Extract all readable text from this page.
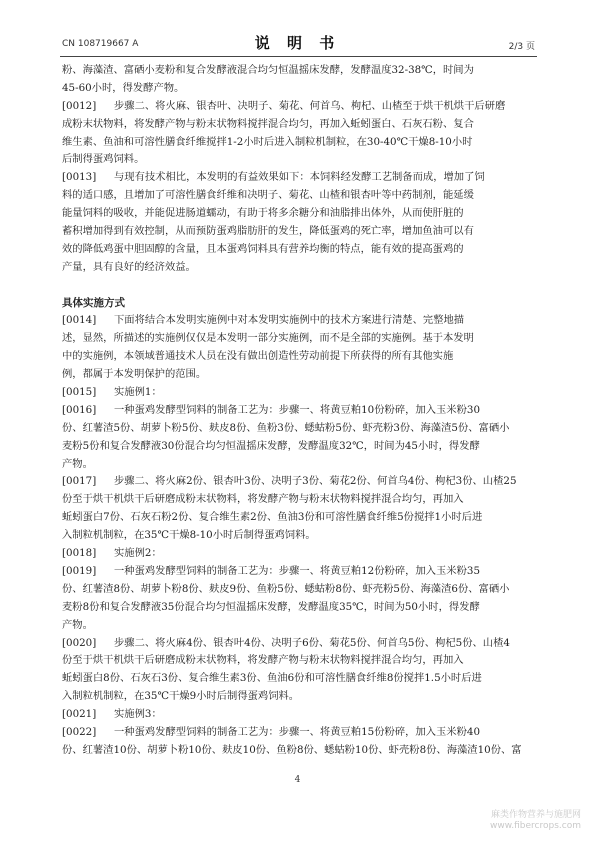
CN 108719667 A	说 明 书	2/3 页
粉、海藻渣、富硒小麦粉和复合发酵液混合均匀恒温摇床发酵，发酵温度32-38℃，时间为
45-60小时，得发酵产物。
[0012] 步骤二、将火麻、银杏叶、决明子、菊花、何首乌、枸杞、山楂至于烘干机烘干后研磨
成粉末状物料，将发酵产物与粉末状物料搅拌混合均匀，再加入蚯蚓蛋白、石灰石粉、复合
维生素、鱼油和可溶性膳食纤维搅拌1-2小时后进入制粒机制粒，在30-40℃干燥8-10小时
后制得蛋鸡饲料。
[0013] 与现有技术相比，本发明的有益效果如下：本饲料经发酵工艺制备而成，增加了饲
料的适口感，且增加了可溶性膳食纤维和决明子、菊花、山楂和银杏叶等中药制剂，能延缓
能量饲料的吸收，并能促进肠道蠕动，有助于将多余糖分和油脂排出体外，从而使肝脏的
蓄积增加得到有效控制，从而预防蛋鸡脂肪肝的发生，降低蛋鸡的死亡率，增加鱼油可以有
效的降低鸡蛋中胆固醇的含量，且本蛋鸡饲料具有营养均衡的特点，能有效的提高蛋鸡的
产量，具有良好的经济效益。
具体实施方式
[0014] 下面将结合本发明实施例中对本发明实施例中的技术方案进行清楚、完整地描
述，显然，所描述的实施例仅仅是本发明一部分实施例，而不是全部的实施例。基于本发明
中的实施例，本领域普通技术人员在没有做出创造性劳动前提下所获得的所有其他实施
例，都属于本发明保护的范围。
[0015] 实施例1：
[0016] 一种蛋鸡发酵型饲料的制备工艺为：步骤一、将黄豆粕10份粉碎，加入玉米粉30
份、红薯渣5份、胡萝卜粉5份、麸皮8份、鱼粉3份、蟋蛄粉5份、虾壳粉3份、海藻渣5份、富硒小
麦粉5份和复合发酵液30份混合均匀恒温摇床发酵，发酵温度32℃，时间为45小时，得发酵
产物。
[0017] 步骤二、将火麻2份、银杏叶3份、决明子3份、菊花2份、何首乌4份、枸杞3份、山楂25
份至于烘干机烘干后研磨成粉末状物料，将发酵产物与粉末状物料搅拌混合均匀，再加入
蚯蚓蛋白7份、石灰石粉2份、复合维生素2份、鱼油3份和可溶性膳食纤维5份搅拌1小时后进
入制粒机制粒，在35℃干燥8-10小时后制得蛋鸡饲料。
[0018] 实施例2：
[0019] 一种蛋鸡发酵型饲料的制备工艺为：步骤一、将黄豆粕12份粉碎，加入玉米粉35
份、红薯渣8份、胡萝卜粉8份、麸皮9份、鱼粉5份、蟋蛄粉8份、虾壳粉5份、海藻渣6份、富硒小
麦粉8份和复合发酵液35份混合均匀恒温摇床发酵，发酵温度35℃，时间为50小时，得发酵
产物。
[0020] 步骤二、将火麻4份、银杏叶4份、决明子6份、菊花5份、何首乌5份、枸杞5份、山楂4
份至于烘干机烘干后研磨成粉末状物料，将发酵产物与粉末状物料搅拌混合均匀，再加入
蚯蚓蛋白8份、石灰石3份、复合维生素3份、鱼油6份和可溶性膳食纤维8份搅拌1.5小时后进
入制粒机制粒，在35℃干燥9小时后制得蛋鸡饲料。
[0021] 实施例3：
[0022] 一种蛋鸡发酵型饲料的制备工艺为：步骤一、将黄豆粕15份粉碎，加入玉米粉40
份、红薯渣10份、胡萝卜粉10份、麸皮10份、鱼粉8份、蟋蛄粉10份、虾壳粉8份、海藻渣10份、富
4
麻类作物营养与施肥网
www.fibercrops.com
